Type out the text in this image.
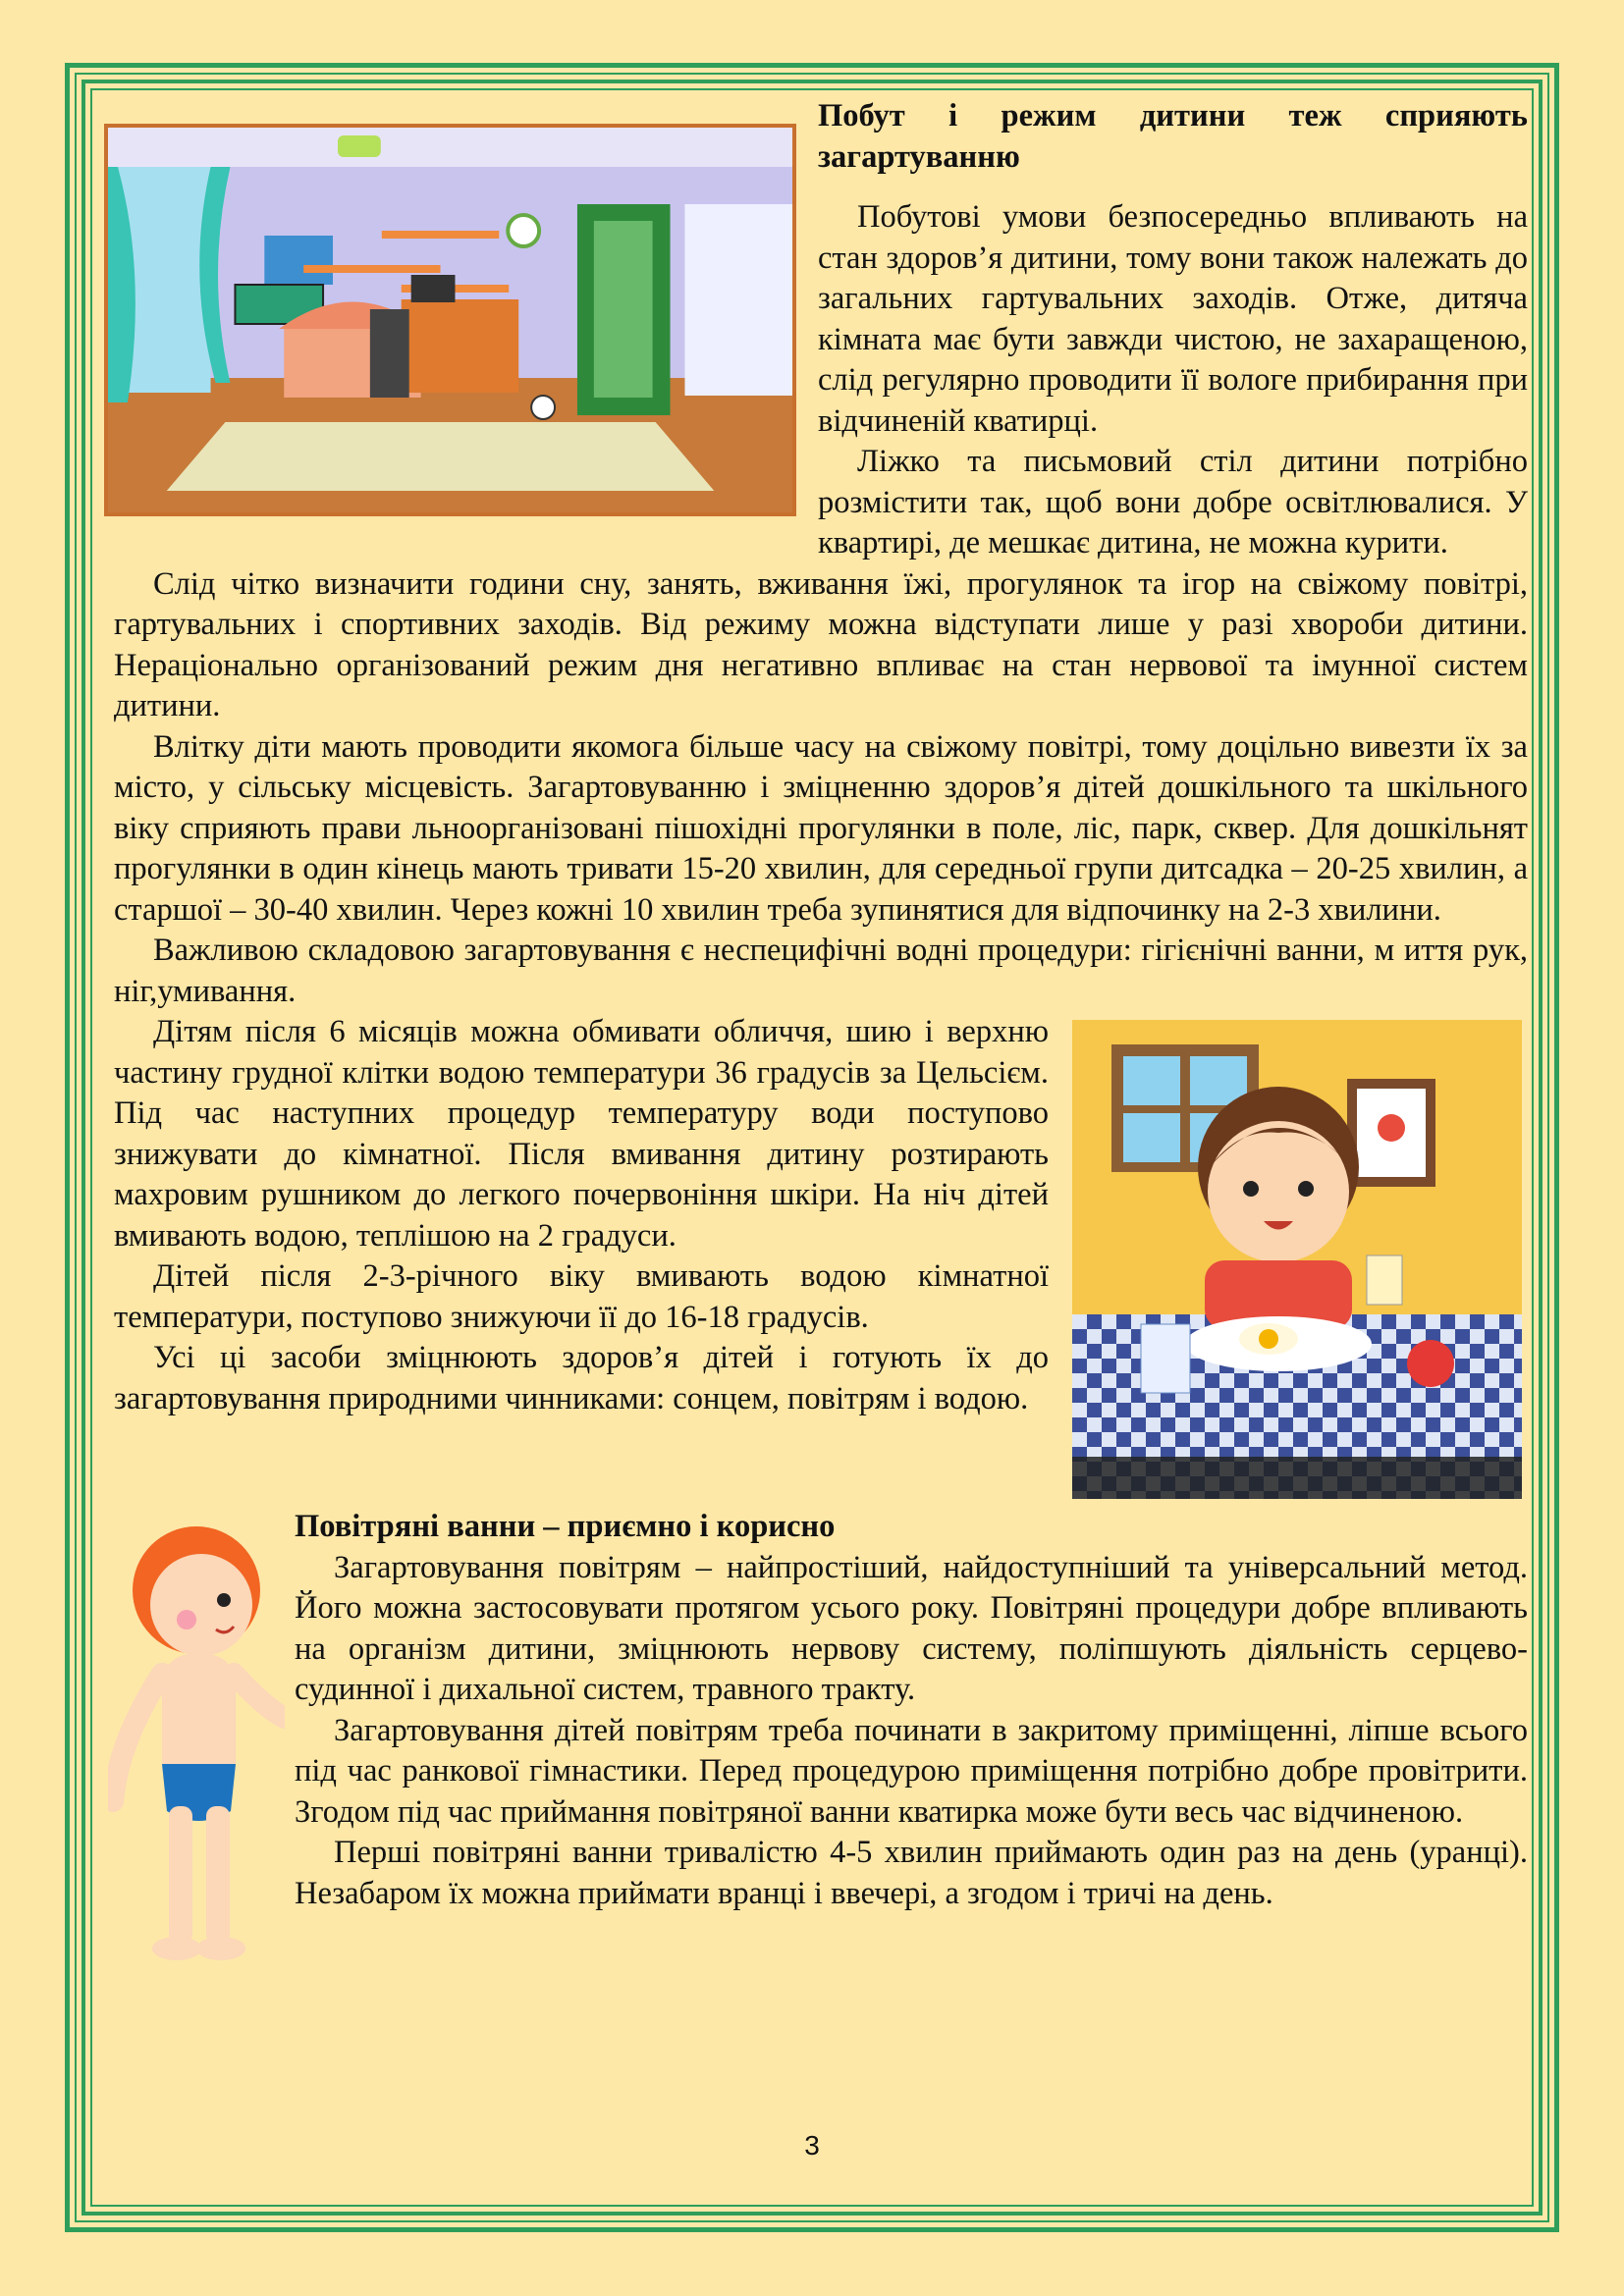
Побут і режим дитини теж сприяють загартуванню

Побутові умови безпосередньо впливають на стан здоров’я дитини, тому вони також належать до загальних гартувальних заходів. Отже, дитяча кімната має бути завжди чистою, не захаращеною, слід регулярно проводити її вологе прибирання при відчиненій кватирці.

Ліжко та письмовий стіл дитини потрібно розмістити так, щоб вони добре освітлювалися. У квартирі, де мешкає дитина, не можна курити.

Слід чітко визначити години сну, занять, вживання їжі, прогулянок та ігор на свіжому повітрі, гартувальних і спортивних заходів. Від режиму можна відступати лише у разі хвороби дитини. Нераціонально організований режим дня негативно впливає на стан нервової та імунної систем дитини.

Влітку діти мають проводити якомога більше часу на свіжому повітрі, тому доцільно вивезти їх за місто, у сільську місцевість. Загартовуванню і зміцненню здоров’я дітей дошкільного та шкільного віку сприяють прави льноорганізовані пішохідні прогулянки в поле, ліс, парк, сквер. Для дошкільнят прогулянки в один кінець мають тривати 15-20 хвилин, для середньої групи дитсадка – 20-25 хвилин, а старшої – 30-40 хвилин. Через кожні 10 хвилин треба зупинятися для відпочинку на 2-3 хвилини.

Важливою складовою загартовування є неспецифічні водні процедури: гігієнічні ванни, м иття рук, ніг,умивання.

Дітям після 6 місяців можна обмивати обличчя, шию і верхню частину грудної клітки водою температури 36 градусів за Цельсієм. Під час наступних процедур температуру води поступово знижувати до кімнатної. Після вмивання дитину розтирають махровим рушником до легкого почервоніння шкіри. На ніч дітей вмивають водою, теплішою на 2 градуси.

Дітей після 2-3-річного віку вмивають водою кімнатної температури, поступово знижуючи її до 16-18 градусів.

Усі ці засоби зміцнюють здоров’я дітей і готують їх до загартовування природними чинниками: сонцем, повітрям і водою.

Повітряні ванни – приємно і корисно

Загартовування повітрям – найпростіший, найдоступніший та універсальний метод. Його можна застосовувати протягом усього року. Повітряні процедури добре впливають на організм дитини, зміцнюють нервову систему, поліпшують діяльність серцево-судинної і дихальної систем, травного тракту.

Загартовування дітей повітрям треба починати в закритому приміщенні, ліпше всього під час ранкової гімнастики. Перед процедурою приміщення потрібно добре провітрити. Згодом під час приймання повітряної ванни кватирка може бути весь час відчиненою.

Перші повітряні ванни тривалістю 4-5 хвилин приймають один раз на день (уранці). Незабаром їх можна приймати вранці і ввечері, а згодом і тричі на день.

3
